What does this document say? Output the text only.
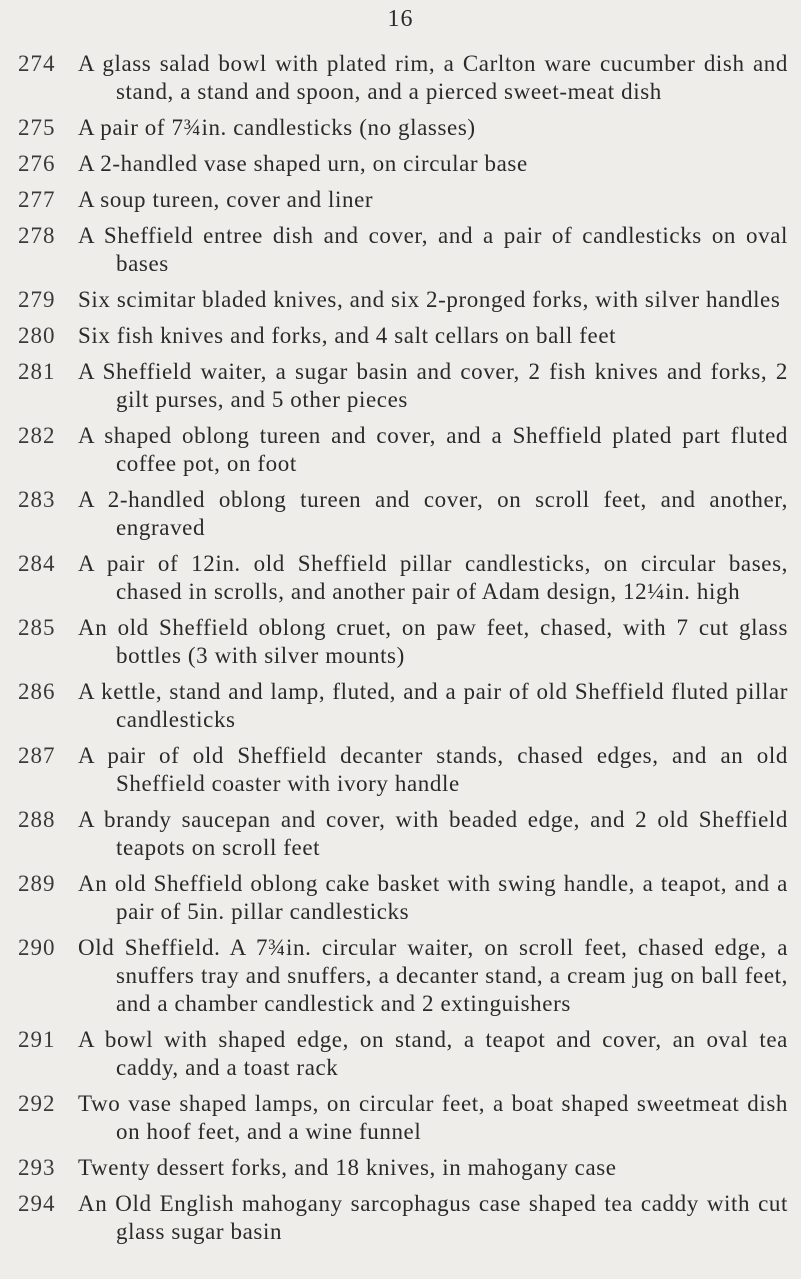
16
274 A glass salad bowl with plated rim, a Carlton ware cucumber dish and stand, a stand and spoon, and a pierced sweet-meat dish
275 A pair of 7¾in. candlesticks (no glasses)
276 A 2-handled vase shaped urn, on circular base
277 A soup tureen, cover and liner
278 A Sheffield entree dish and cover, and a pair of candlesticks on oval bases
279 Six scimitar bladed knives, and six 2-pronged forks, with silver handles
280 Six fish knives and forks, and 4 salt cellars on ball feet
281 A Sheffield waiter, a sugar basin and cover, 2 fish knives and forks, 2 gilt purses, and 5 other pieces
282 A shaped oblong tureen and cover, and a Sheffield plated part fluted coffee pot, on foot
283 A 2-handled oblong tureen and cover, on scroll feet, and another, engraved
284 A pair of 12in. old Sheffield pillar candlesticks, on circular bases, chased in scrolls, and another pair of Adam design, 12¼in. high
285 An old Sheffield oblong cruet, on paw feet, chased, with 7 cut glass bottles (3 with silver mounts)
286 A kettle, stand and lamp, fluted, and a pair of old Sheffield fluted pillar candlesticks
287 A pair of old Sheffield decanter stands, chased edges, and an old Sheffield coaster with ivory handle
288 A brandy saucepan and cover, with beaded edge, and 2 old Sheffield teapots on scroll feet
289 An old Sheffield oblong cake basket with swing handle, a teapot, and a pair of 5in. pillar candlesticks
290 Old Sheffield. A 7¾in. circular waiter, on scroll feet, chased edge, a snuffers tray and snuffers, a decanter stand, a cream jug on ball feet, and a chamber candlestick and 2 extinguishers
291 A bowl with shaped edge, on stand, a teapot and cover, an oval tea caddy, and a toast rack
292 Two vase shaped lamps, on circular feet, a boat shaped sweetmeat dish on hoof feet, and a wine funnel
293 Twenty dessert forks, and 18 knives, in mahogany case
294 An Old English mahogany sarcophagus case shaped tea caddy with cut glass sugar basin
